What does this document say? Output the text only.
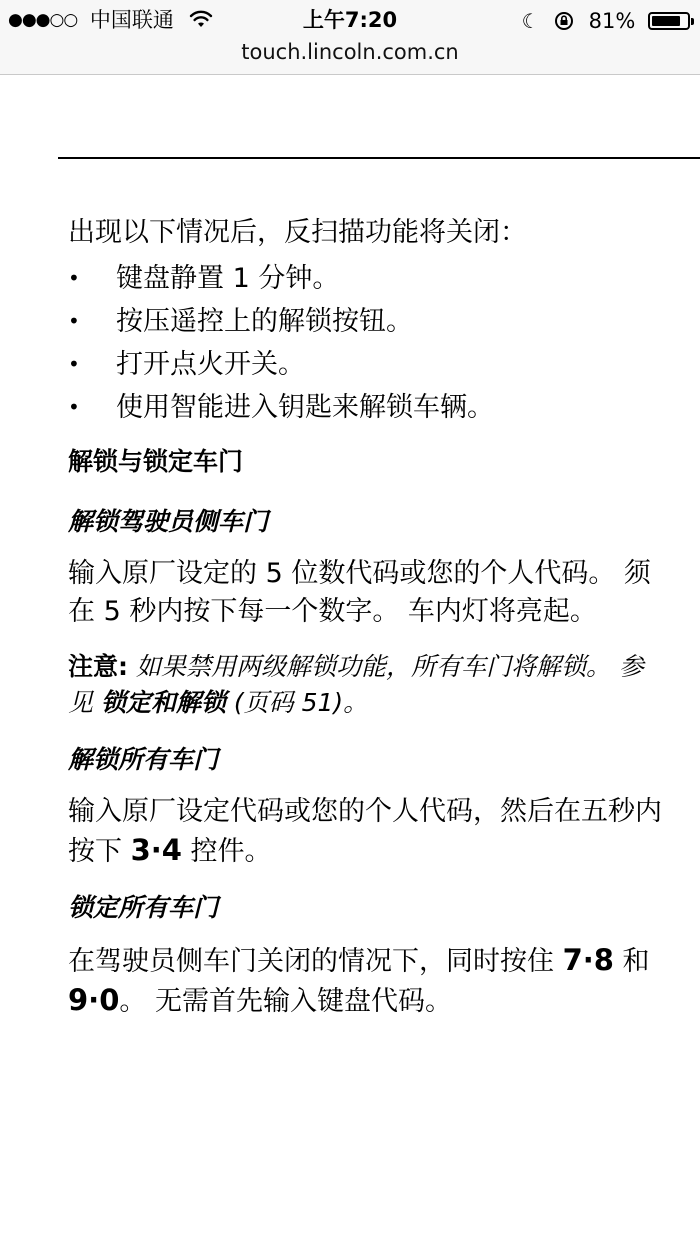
●●●○○ 中国联通	上午7:20	☾ 81%
touch.lincoln.com.cn

出现以下情况后，反扫描功能将关闭：

• 键盘静置 1 分钟。
• 按压遥控上的解锁按钮。
• 打开点火开关。
• 使用智能进入钥匙来解锁车辆。
解锁与锁定车门
解锁驾驶员侧车门

输入原厂设定的 5 位数代码或您的个人代码。 须在 5 秒内按下每一个数字。 车内灯将亮起。

注意: 如果禁用两级解锁功能，所有车门将解锁。 参见 锁定和解锁 (页码 51)。

解锁所有车门

输入原厂设定代码或您的个人代码，然后在五秒内按下 3·4 控件。

锁定所有车门

在驾驶员侧车门关闭的情况下，同时按住 7·8 和 9·0。 无需首先输入键盘代码。
